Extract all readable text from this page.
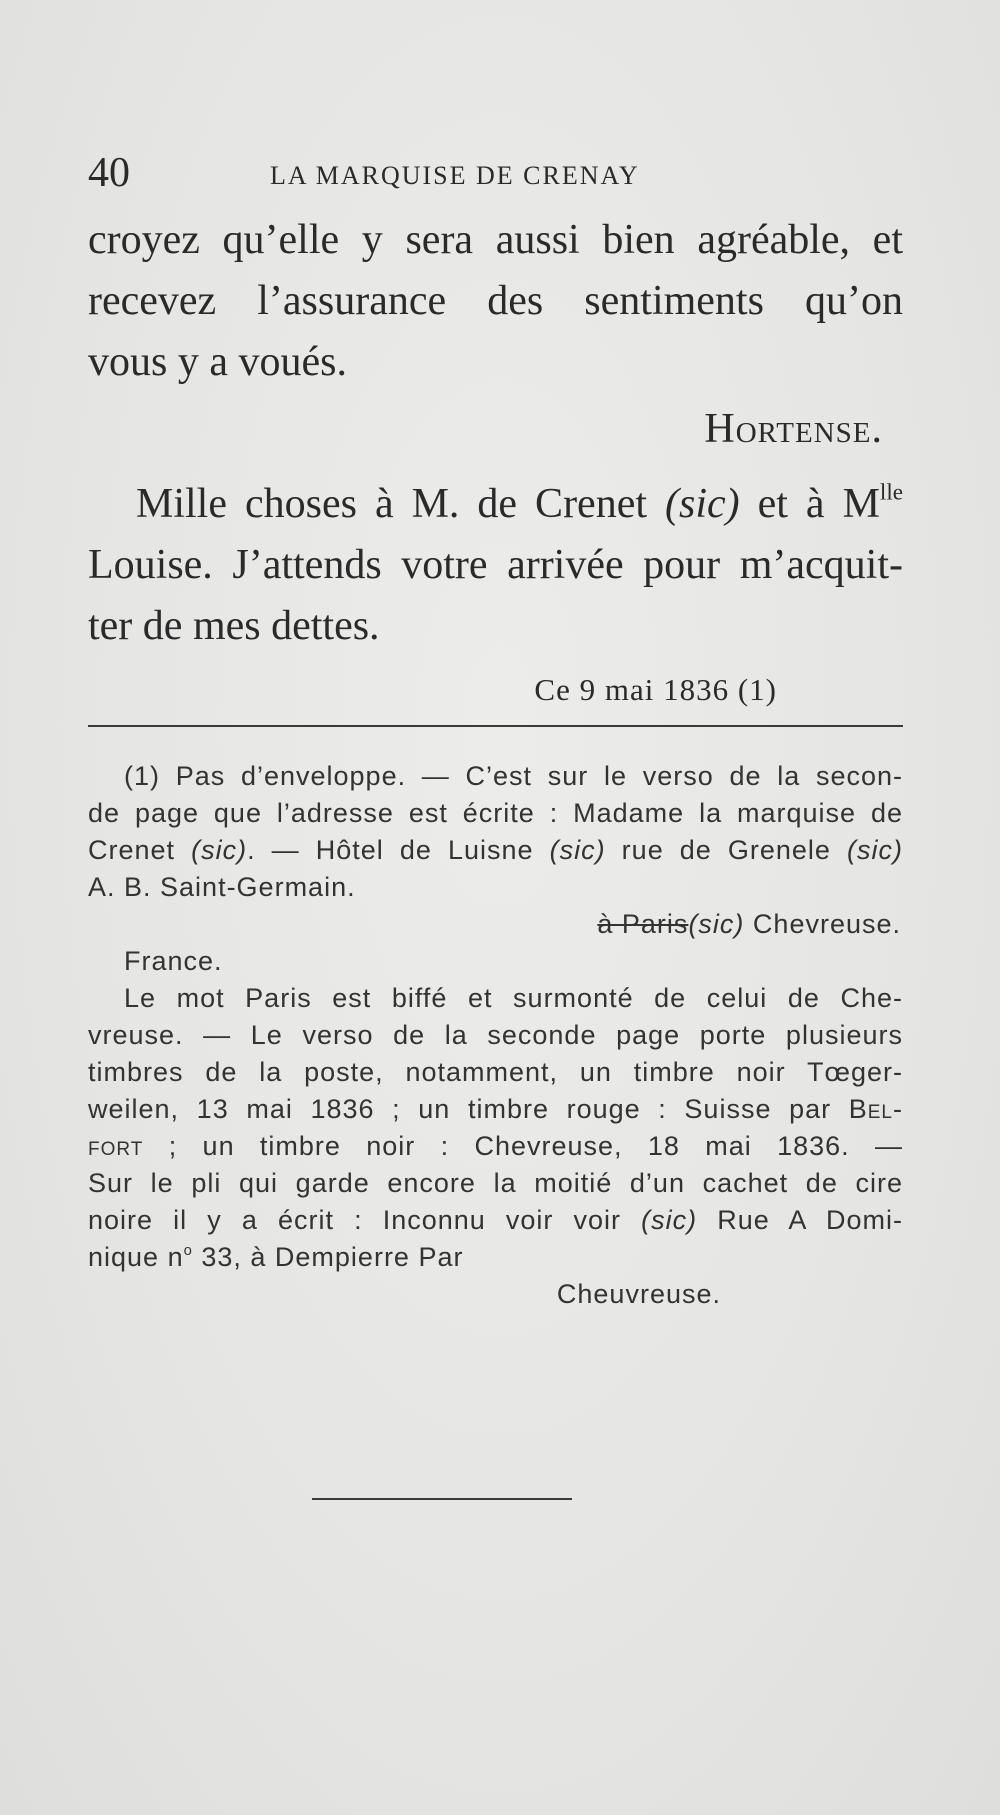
40	LA MARQUISE DE CRENAY
croyez qu’elle y sera aussi bien agréable, et
recevez l’assurance des sentiments qu’on
vous y a voués.
Hortense.
Mille choses à M. de Crenet (sic) et à $M^{lle}$
Louise. J’attends votre arrivée pour m’acquit-
ter de mes dettes.
Ce 9 mai 1836 (1)
(1) Pas d’enveloppe. — C’est sur le verso de la secon-
de page que l’adresse est écrite : Madame la marquise de
Crenet (sic). — Hôtel de Luisne (sic) rue de Grenele (sic)
A. B. Saint-Germain.
à Paris(sic) Chevreuse.
France.
Le mot Paris est biffé et surmonté de celui de Che-
vreuse. — Le verso de la seconde page porte plusieurs
timbres de la poste, notamment, un timbre noir Tœger-
weilen, 13 mai 1836 ; un timbre rouge : Suisse par Bel-
fort ; un timbre noir : Chevreuse, 18 mai 1836. —
Sur le pli qui garde encore la moitié d’un cachet de cire
noire il y a écrit : Inconnu voir voir (sic) Rue A Domi-
nique $n^o$ 33, à Dempierre Par
Cheuvreuse.
